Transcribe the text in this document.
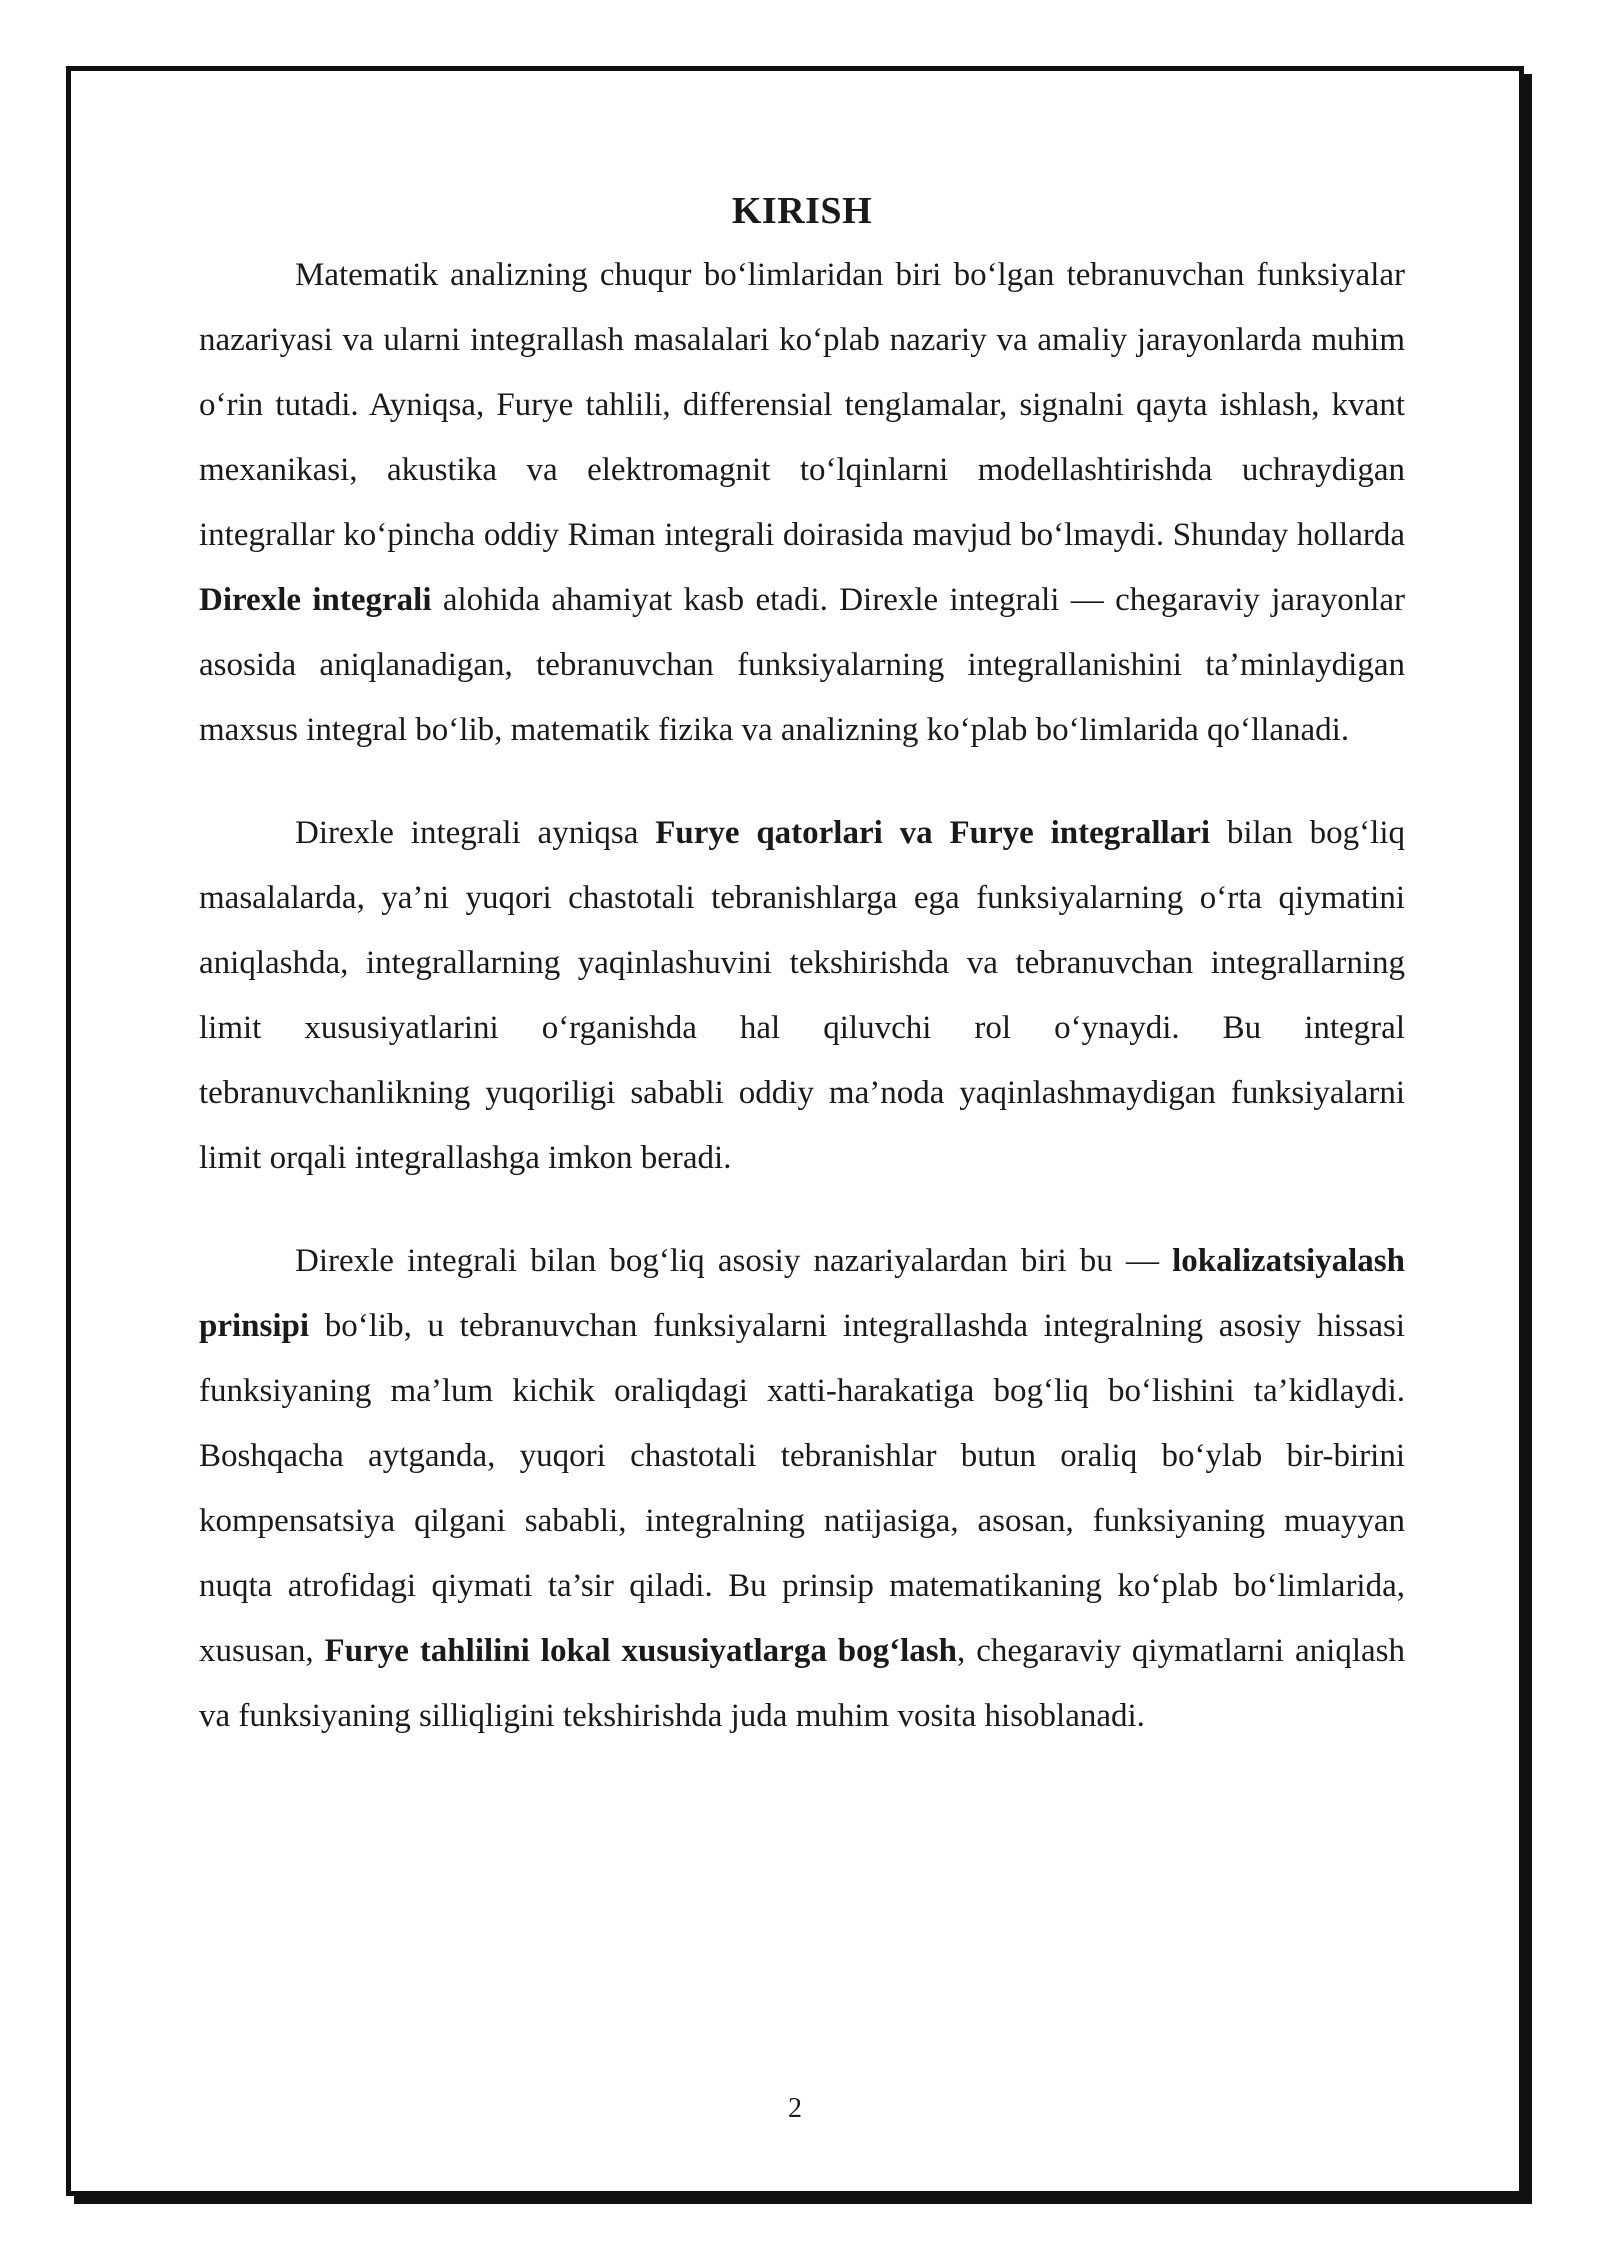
KIRISH

Matematik analizning chuqur bo‘limlaridan biri bo‘lgan tebranuvchan funksiyalar nazariyasi va ularni integrallash masalalari ko‘plab nazariy va amaliy jarayonlarda muhim o‘rin tutadi. Ayniqsa, Furye tahlili, differensial tenglamalar, signalni qayta ishlash, kvant mexanikasi, akustika va elektromagnit to‘lqinlarni modellashtirishda uchraydigan integrallar ko‘pincha oddiy Riman integrali doirasida mavjud bo‘lmaydi. Shunday hollarda Direxle integrali alohida ahamiyat kasb etadi. Direxle integrali — chegaraviy jarayonlar asosida aniqlanadigan, tebranuvchan funksiyalarning integrallanishini ta’minlaydigan maxsus integral bo‘lib, matematik fizika va analizning ko‘plab bo‘limlarida qo‘llanadi.

Direxle integrali ayniqsa Furye qatorlari va Furye integrallari bilan bog‘liq masalalarda, ya’ni yuqori chastotali tebranishlarga ega funksiyalarning o‘rta qiymatini aniqlashda, integrallarning yaqinlashuvini tekshirishda va tebranuvchan integrallarning limit xususiyatlarini o‘rganishda hal qiluvchi rol o‘ynaydi. Bu integral tebranuvchanlikning yuqoriligi sababli oddiy ma’noda yaqinlashmaydigan funksiyalarni limit orqali integrallashga imkon beradi.

Direxle integrali bilan bog‘liq asosiy nazariyalardan biri bu — lokalizatsiyalash prinsipi bo‘lib, u tebranuvchan funksiyalarni integrallashda integralning asosiy hissasi funksiyaning ma’lum kichik oraliqdagi xatti-harakatiga bog‘liq bo‘lishini ta’kidlaydi. Boshqacha aytganda, yuqori chastotali tebranishlar butun oraliq bo‘ylab bir-birini kompensatsiya qilgani sababli, integralning natijasiga, asosan, funksiyaning muayyan nuqta atrofidagi qiymati ta’sir qiladi. Bu prinsip matematikaning ko‘plab bo‘limlarida, xususan, Furye tahlilini lokal xususiyatlarga bog‘lash, chegaraviy qiymatlarni aniqlash va funksiyaning silliqligini tekshirishda juda muhim vosita hisoblanadi.

2
